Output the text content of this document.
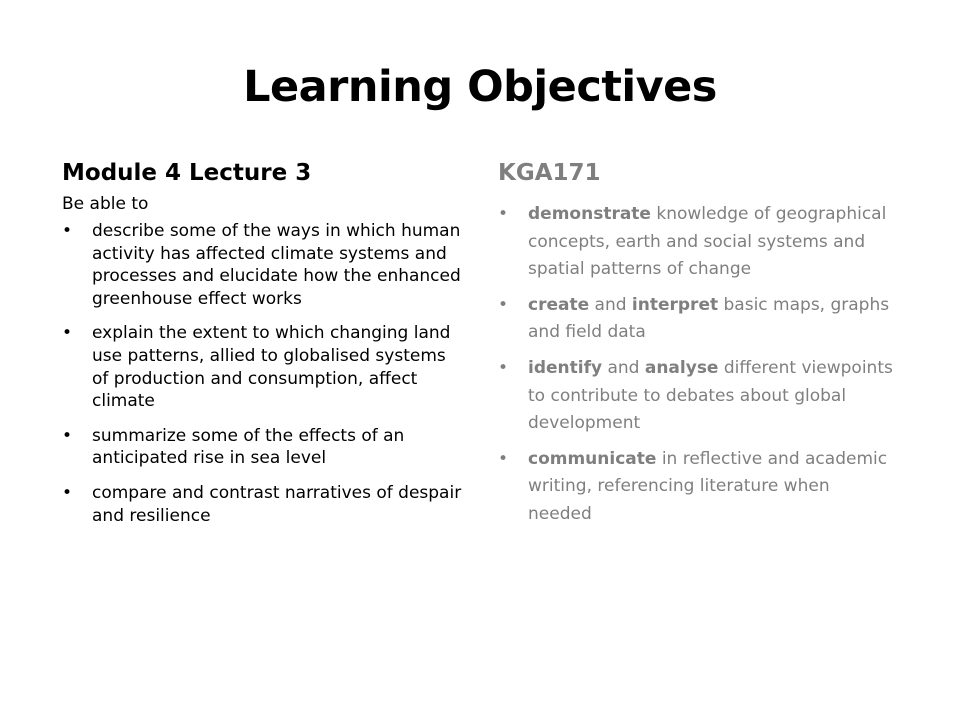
Learning Objectives
Module 4 Lecture 3

Be able to

• describe some of the ways in which human activity has affected climate systems and processes and elucidate how the enhanced greenhouse effect works
• explain the extent to which changing land use patterns, allied to globalised systems of production and consumption, affect climate
• summarize some of the effects of an anticipated rise in sea level
• compare and contrast narratives of despair and resilience
KGA171
• demonstrate knowledge of geographical concepts, earth and social systems and spatial patterns of change
• create and interpret basic maps, graphs and field data
• identify and analyse different viewpoints to contribute to debates about global development
• communicate in reflective and academic writing, referencing literature when needed
